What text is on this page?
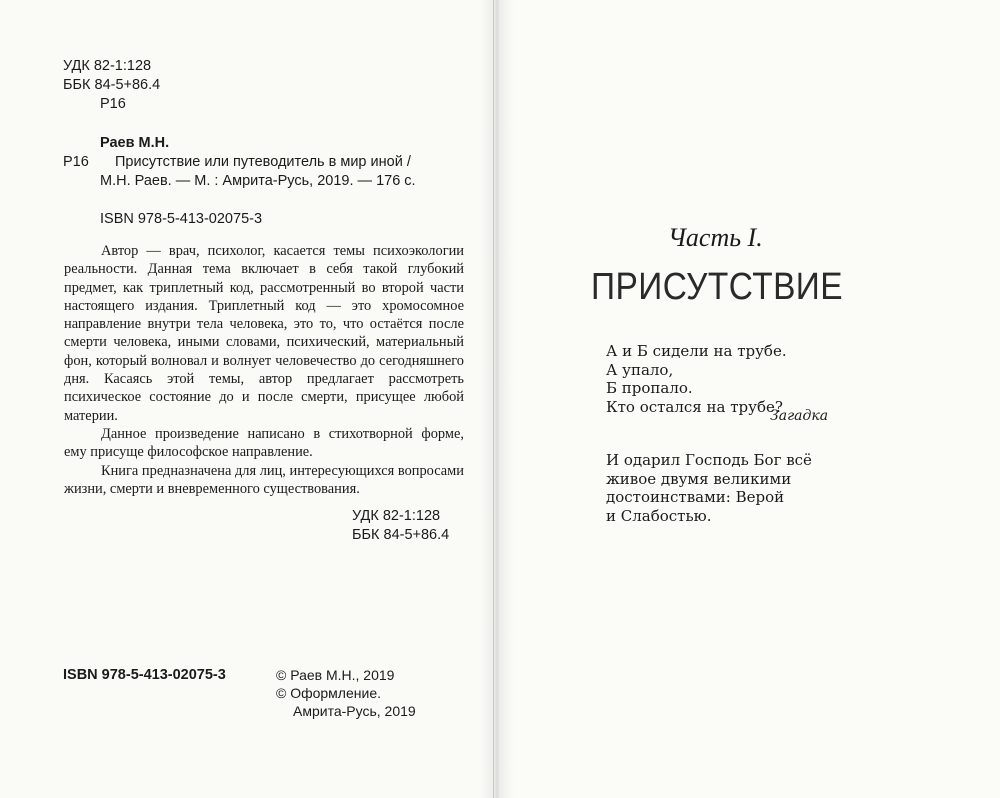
УДК 82-1:128
ББК 84-5+86.4
Р16
Раев М.Н.
Р16 Присутствие или путеводитель в мир иной /
М.Н. Раев. — М. : Амрита-Русь, 2019. — 176 с.
ISBN 978-5-413-02075-3

Автор — врач, психолог, касается темы психоэкологии реальности. Данная тема включает в себя такой глубокий предмет, как триплетный код, рассмотренный во второй части настоящего издания. Триплетный код — это хромосомное направление внутри тела человека, это то, что остаётся после смерти человека, иными словами, психический, материальный фон, который волновал и волнует человечество до сегодняшнего дня. Касаясь этой темы, автор предлагает рассмотреть психическое состояние до и после смерти, присущее любой материи.

Данное произведение написано в стихотворной форме, ему присуще философское направление.

Книга предназначена для лиц, интересующихся вопросами жизни, смерти и вневременного существования.

УДК 82-1:128
ББК 84-5+86.4
ISBN 978-5-413-02075-3	© Раев М.Н., 2019
© Оформление.
Амрита-Русь, 2019
Часть I.
ПРИСУТСТВИЕ
А и Б сидели на трубе.
А упало,
Б пропало.
Кто остался на трубе?
Загадка
И одарил Господь Бог всё
живое двумя великими
достоинствами: Верой
и Слабостью.
